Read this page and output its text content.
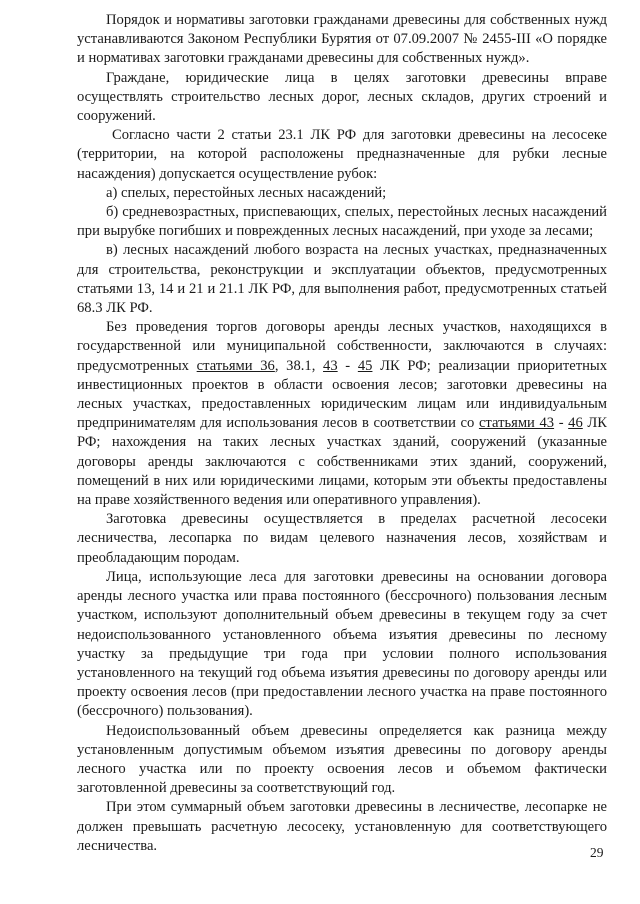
Порядок и нормативы заготовки гражданами древесины для собственных нужд устанавливаются Законом Республики Бурятия от 07.09.2007 № 2455-III «О порядке и нормативах заготовки гражданами древесины для собственных нужд».

Граждане, юридические лица в целях заготовки древесины вправе осуществлять строительство лесных дорог, лесных складов, других строений и сооружений.

Согласно части 2 статьи 23.1 ЛК РФ для заготовки древесины на лесосеке (территории, на которой расположены предназначенные для рубки лесные насаждения) допускается осуществление рубок:

а) спелых, перестойных лесных насаждений;

б) средневозрастных, приспевающих, спелых, перестойных лесных насаждений при вырубке погибших и поврежденных лесных насаждений, при уходе за лесами;

в) лесных насаждений любого возраста на лесных участках, предназначенных для строительства, реконструкции и эксплуатации объектов, предусмотренных статьями 13, 14 и 21 и 21.1 ЛК РФ, для выполнения работ, предусмотренных статьей 68.3 ЛК РФ.

Без проведения торгов договоры аренды лесных участков, находящихся в государственной или муниципальной собственности, заключаются в случаях: предусмотренных статьями 36, 38.1, 43 - 45 ЛК РФ; реализации приоритетных инвестиционных проектов в области освоения лесов; заготовки древесины на лесных участках, предоставленных юридическим лицам или индивидуальным предпринимателям для использования лесов в соответствии со статьями 43 - 46 ЛК РФ; нахождения на таких лесных участках зданий, сооружений (указанные договоры аренды заключаются с собственниками этих зданий, сооружений, помещений в них или юридическими лицами, которым эти объекты предоставлены на праве хозяйственного ведения или оперативного управления).

Заготовка древесины осуществляется в пределах расчетной лесосеки лесничества, лесопарка по видам целевого назначения лесов, хозяйствам и преобладающим породам.

Лица, использующие леса для заготовки древесины на основании договора аренды лесного участка или права постоянного (бессрочного) пользования лесным участком, используют дополнительный объем древесины в текущем году за счет недоиспользованного установленного объема изъятия древесины по лесному участку за предыдущие три года при условии полного использования установленного на текущий год объема изъятия древесины по договору аренды или проекту освоения лесов (при предоставлении лесного участка на праве постоянного (бессрочного) пользования).

Недоиспользованный объем древесины определяется как разница между установленным допустимым объемом изъятия древесины по договору аренды лесного участка или по проекту освоения лесов и объемом фактически заготовленной древесины за соответствующий год.

При этом суммарный объем заготовки древесины в лесничестве, лесопарке не должен превышать расчетную лесосеку, установленную для соответствующего лесничества.	29
